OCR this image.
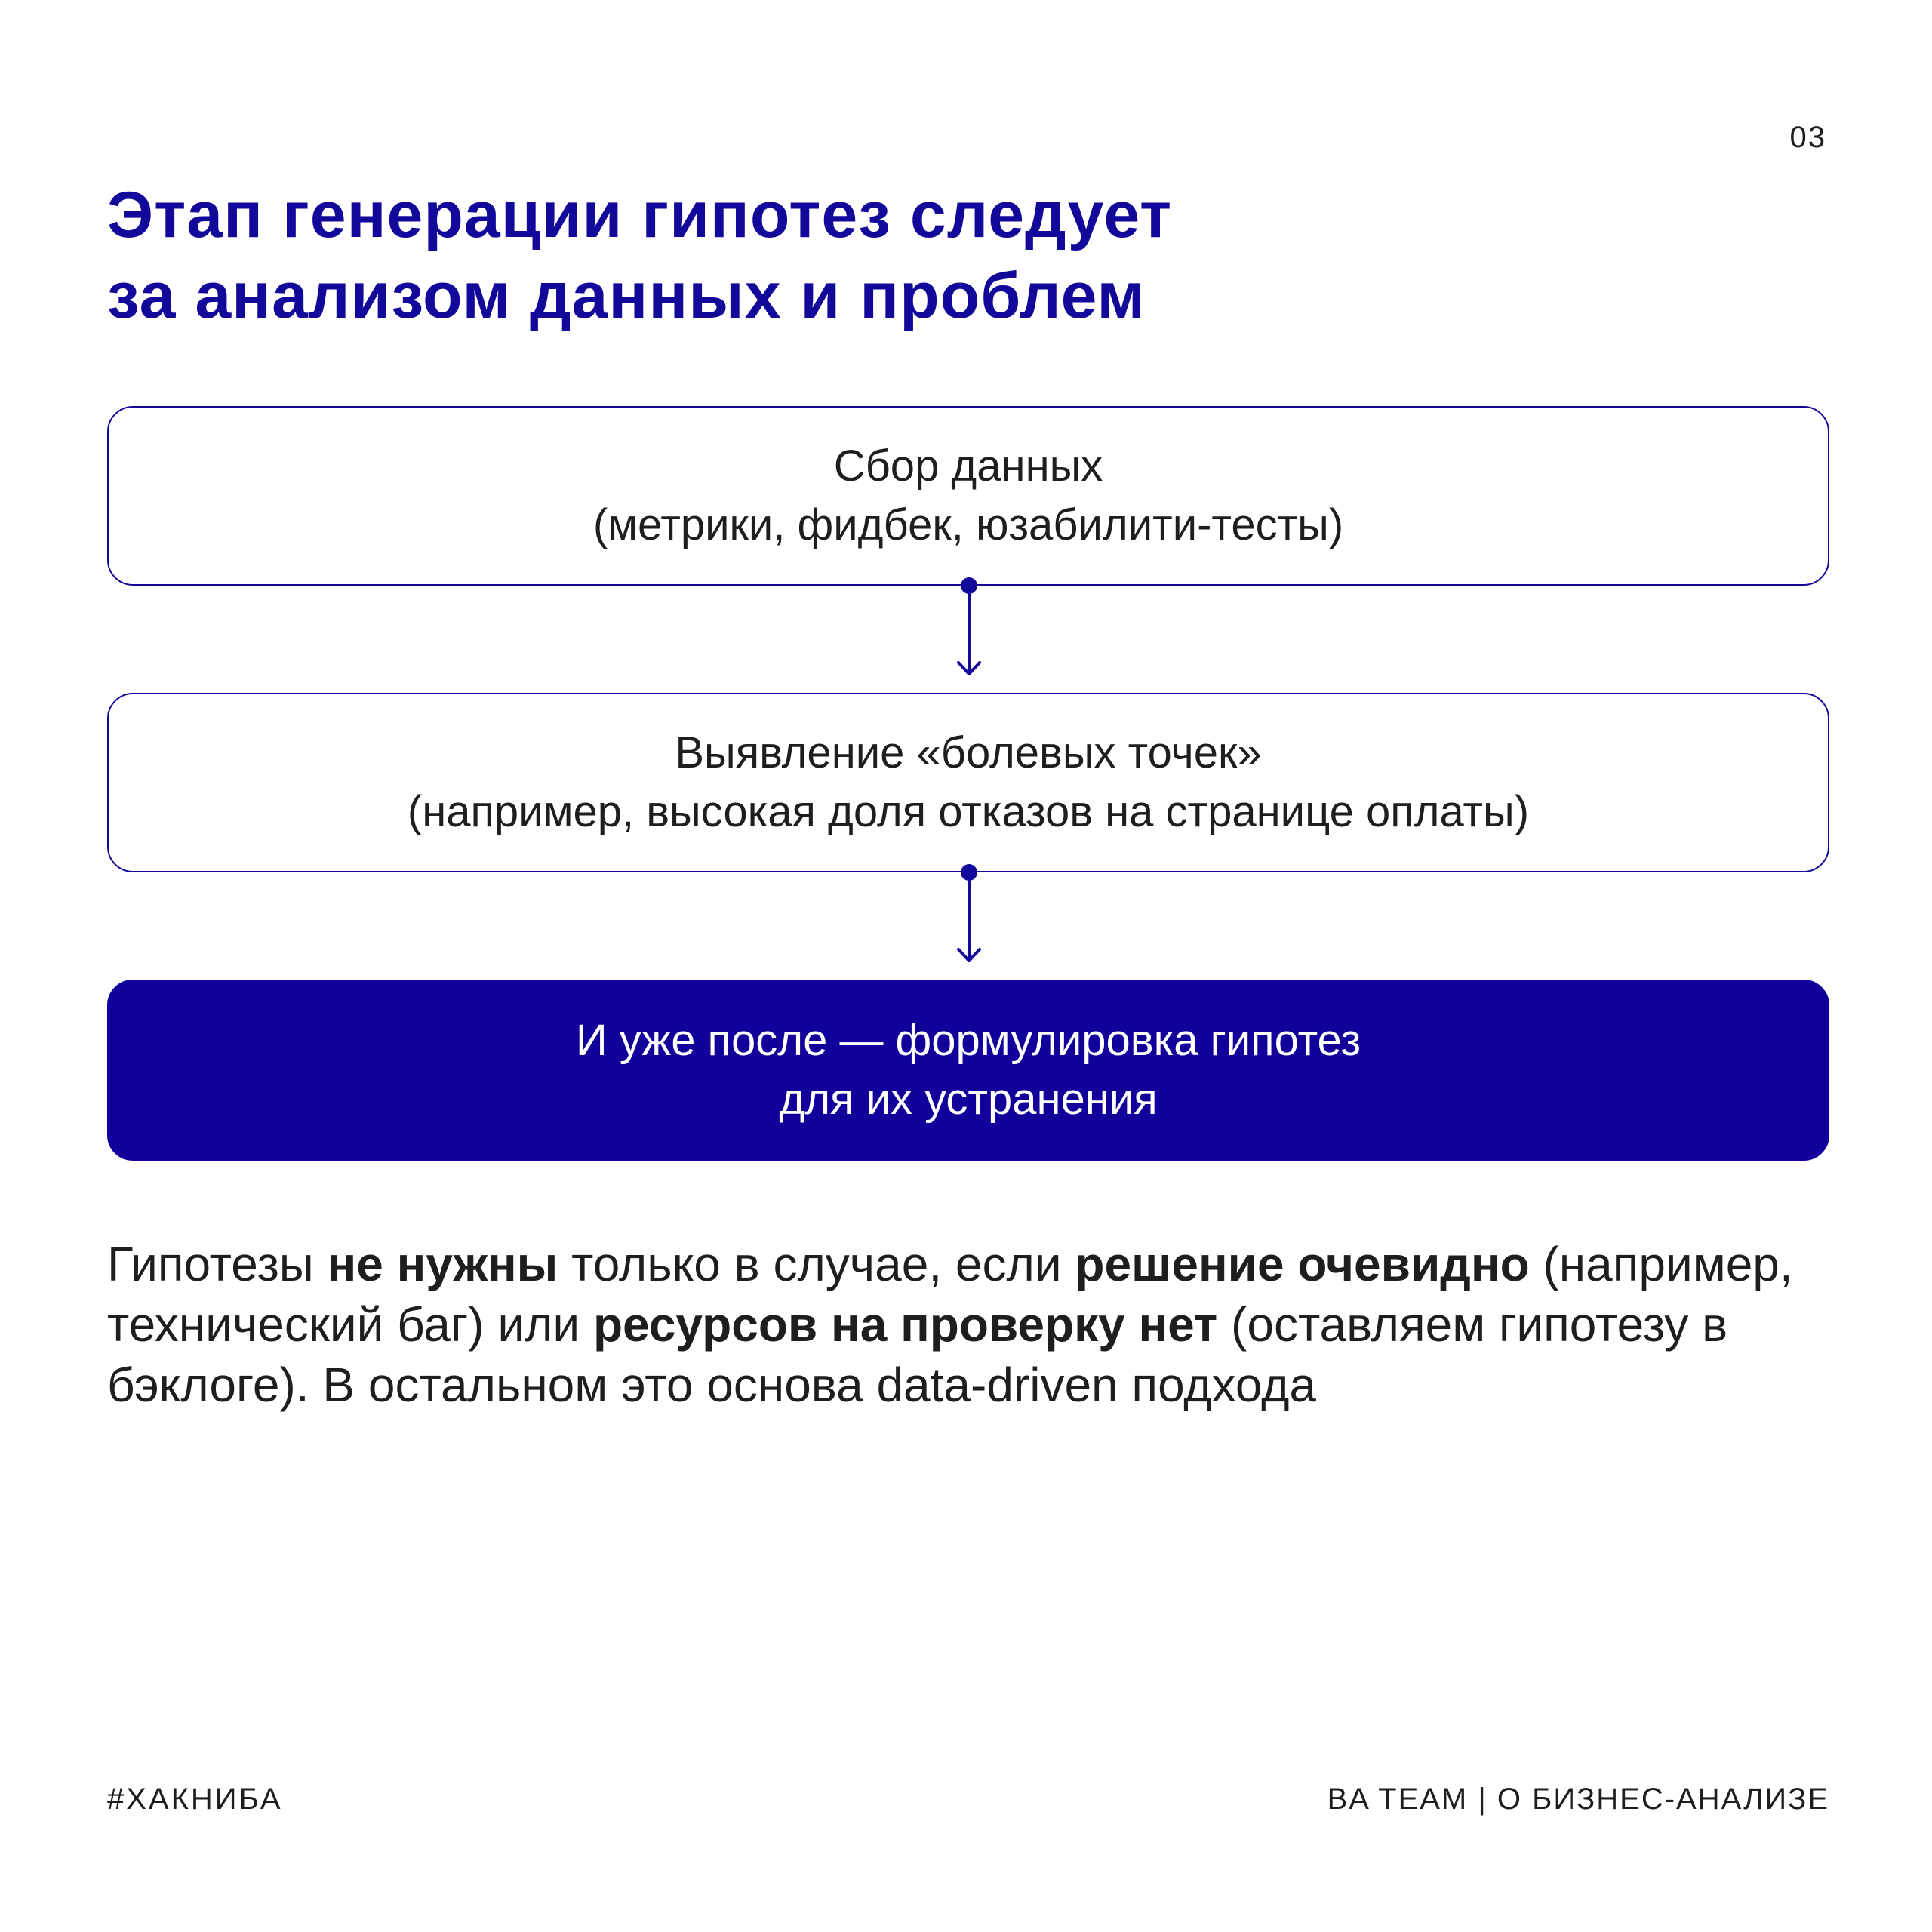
03
Этап генерации гипотез следует
за анализом данных и проблем
Сбор данных
(метрики, фидбек, юзабилити-тесты)
Выявление «болевых точек»
(например, высокая доля отказов на странице оплаты)
И уже после — формулировка гипотез
для их устранения

Гипотезы не нужны только в случае, если решение очевидно (например, технический баг) или ресурсов на проверку нет (оставляем гипотезу в бэклоге). В остальном это основа data-driven подхода

#ХАКНИБА	BA TEAM | О БИЗНЕС-АНАЛИЗЕ
